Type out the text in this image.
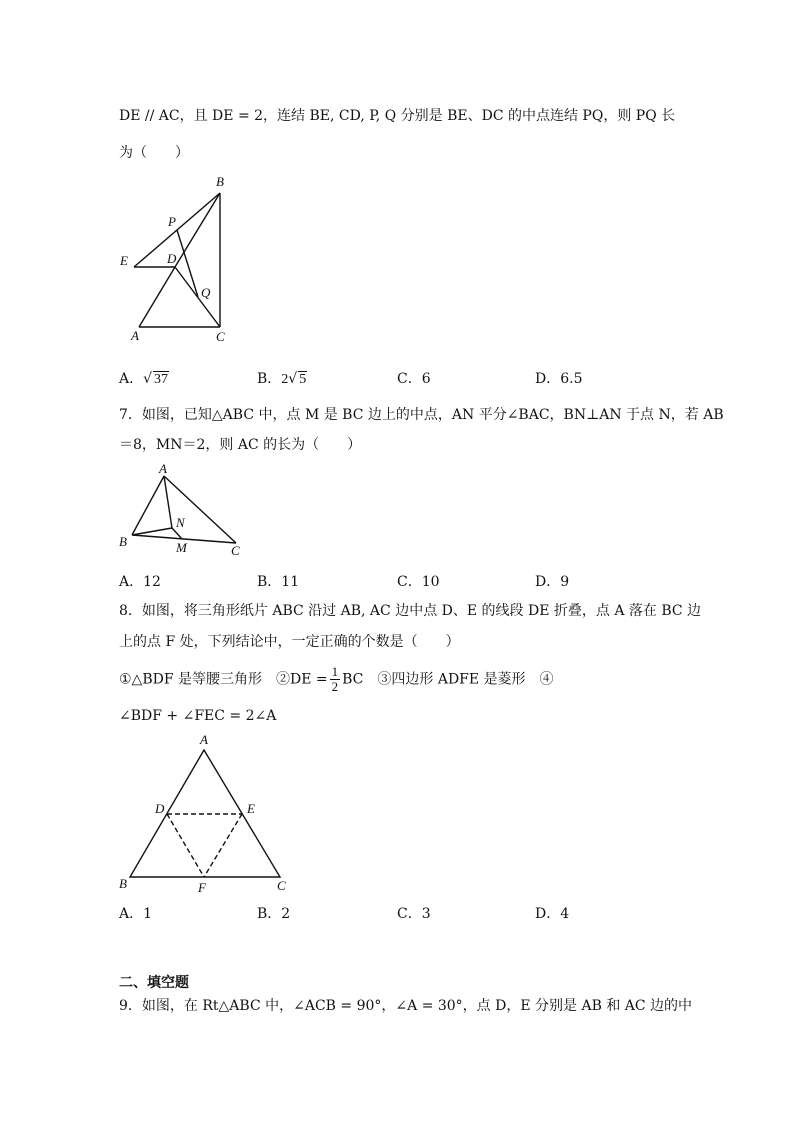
DE // AC，且 DE = 2，连结 BE, CD, P, Q 分别是 BE、DC 的中点连结 PQ，则 PQ 长
为（　　）
B
P
E	D
Q
A	C
A．√ 37	B．2√ 5	C．6	D．6.5
7．如图，已知△ABC 中，点 M 是 BC 边上的中点，AN 平分∠BAC，BN⊥AN 于点 N，若 AB
＝8，MN＝2，则 AC 的长为（　　）
A
N
B	M	C
A．12	B．11	C．10	D．9
8．如图，将三角形纸片 ABC 沿过 AB, AC 边中点 D、E 的线段 DE 折叠，点 A 落在 BC 边
上的点 F 处，下列结论中，一定正确的个数是（　　）
①△BDF 是等腰三角形　②DE = $\frac{1}{2}$ BC　③四边形 ADFE 是菱形　④
∠BDF + ∠FEC = 2∠A
A
D	E
B	F	C
A．1	B．2	C．3	D．4
二、填空题
9．如图，在 Rt△ABC 中，∠ACB = 90°，∠A = 30°，点 D，E 分别是 AB 和 AC 边的中
